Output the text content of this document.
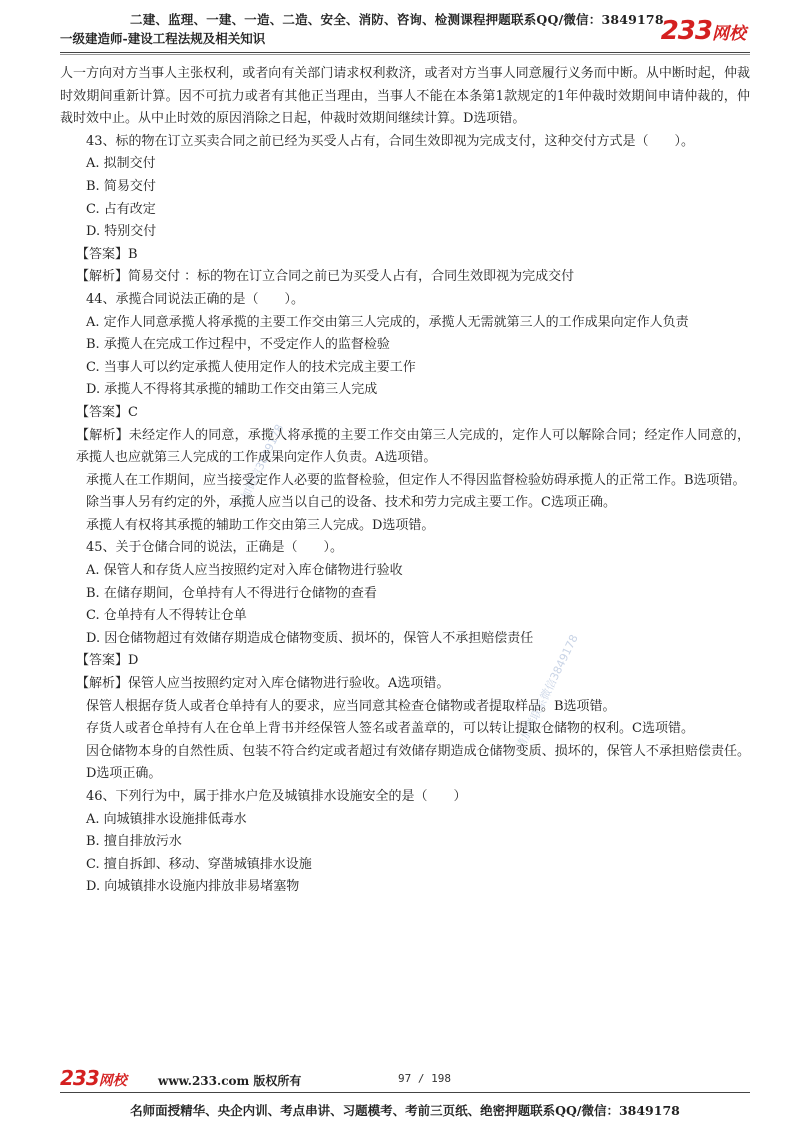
二建、监理、一建、一造、二造、安全、消防、咨询、检测课程押题联系QQ/微信：3849178
一级建造师-建设工程法规及相关知识	233网校
请加微信3849178
请加群联系微信3849178

人一方向对方当事人主张权利，或者向有关部门请求权利救济，或者对方当事人同意履行义务而中断。从中断时起，仲裁时效期间重新计算。因不可抗力或者有其他正当理由，当事人不能在本条第1款规定的1年仲裁时效期间申请仲裁的，仲裁时效中止。从中止时效的原因消除之日起，仲裁时效期间继续计算。D选项错。

43、标的物在订立买卖合同之前已经为买受人占有，合同生效即视为完成支付，这种交付方式是（　　）。

A. 拟制交付

B. 简易交付

C. 占有改定

D. 特别交付

【答案】B

【解析】简易交付 ：标的物在订立合同之前已为买受人占有，合同生效即视为完成交付

44、承揽合同说法正确的是（　　）。

A. 定作人同意承揽人将承揽的主要工作交由第三人完成的，承揽人无需就第三人的工作成果向定作人负责

B. 承揽人在完成工作过程中，不受定作人的监督检验

C. 当事人可以约定承揽人使用定作人的技术完成主要工作

D. 承揽人不得将其承揽的辅助工作交由第三人完成

【答案】C

【解析】未经定作人的同意，承揽人将承揽的主要工作交由第三人完成的，定作人可以解除合同；经定作人同意的，承揽人也应就第三人完成的工作成果向定作人负责。A选项错。

承揽人在工作期间，应当接受定作人必要的监督检验，但定作人不得因监督检验妨碍承揽人的正常工作。B选项错。

除当事人另有约定的外，承揽人应当以自己的设备、技术和劳力完成主要工作。C选项正确。

承揽人有权将其承揽的辅助工作交由第三人完成。D选项错。

45、关于仓储合同的说法，正确是（　　）。

A. 保管人和存货人应当按照约定对入库仓储物进行验收

B. 在储存期间，仓单持有人不得进行仓储物的查看

C. 仓单持有人不得转让仓单

D. 因仓储物超过有效储存期造成仓储物变质、损坏的，保管人不承担赔偿责任

【答案】D

【解析】保管人应当按照约定对入库仓储物进行验收。A选项错。

保管人根据存货人或者仓单持有人的要求，应当同意其检查仓储物或者提取样品。B选项错。

存货人或者仓单持有人在仓单上背书并经保管人签名或者盖章的，可以转让提取仓储物的权利。C选项错。

因仓储物本身的自然性质、包装不符合约定或者超过有效储存期造成仓储物变质、损坏的，保管人不承担赔偿责任。D选项正确。

46、下列行为中，属于排水户危及城镇排水设施安全的是（　　）

A. 向城镇排水设施排低毒水

B. 擅自排放污水

C. 擅自拆卸、移动、穿凿城镇排水设施

D. 向城镇排水设施内排放非易堵塞物

233网校	www.233.com 版权所有	97 / 198
名师面授精华、央企内训、考点串讲、习题模考、考前三页纸、绝密押题联系QQ/微信：3849178
